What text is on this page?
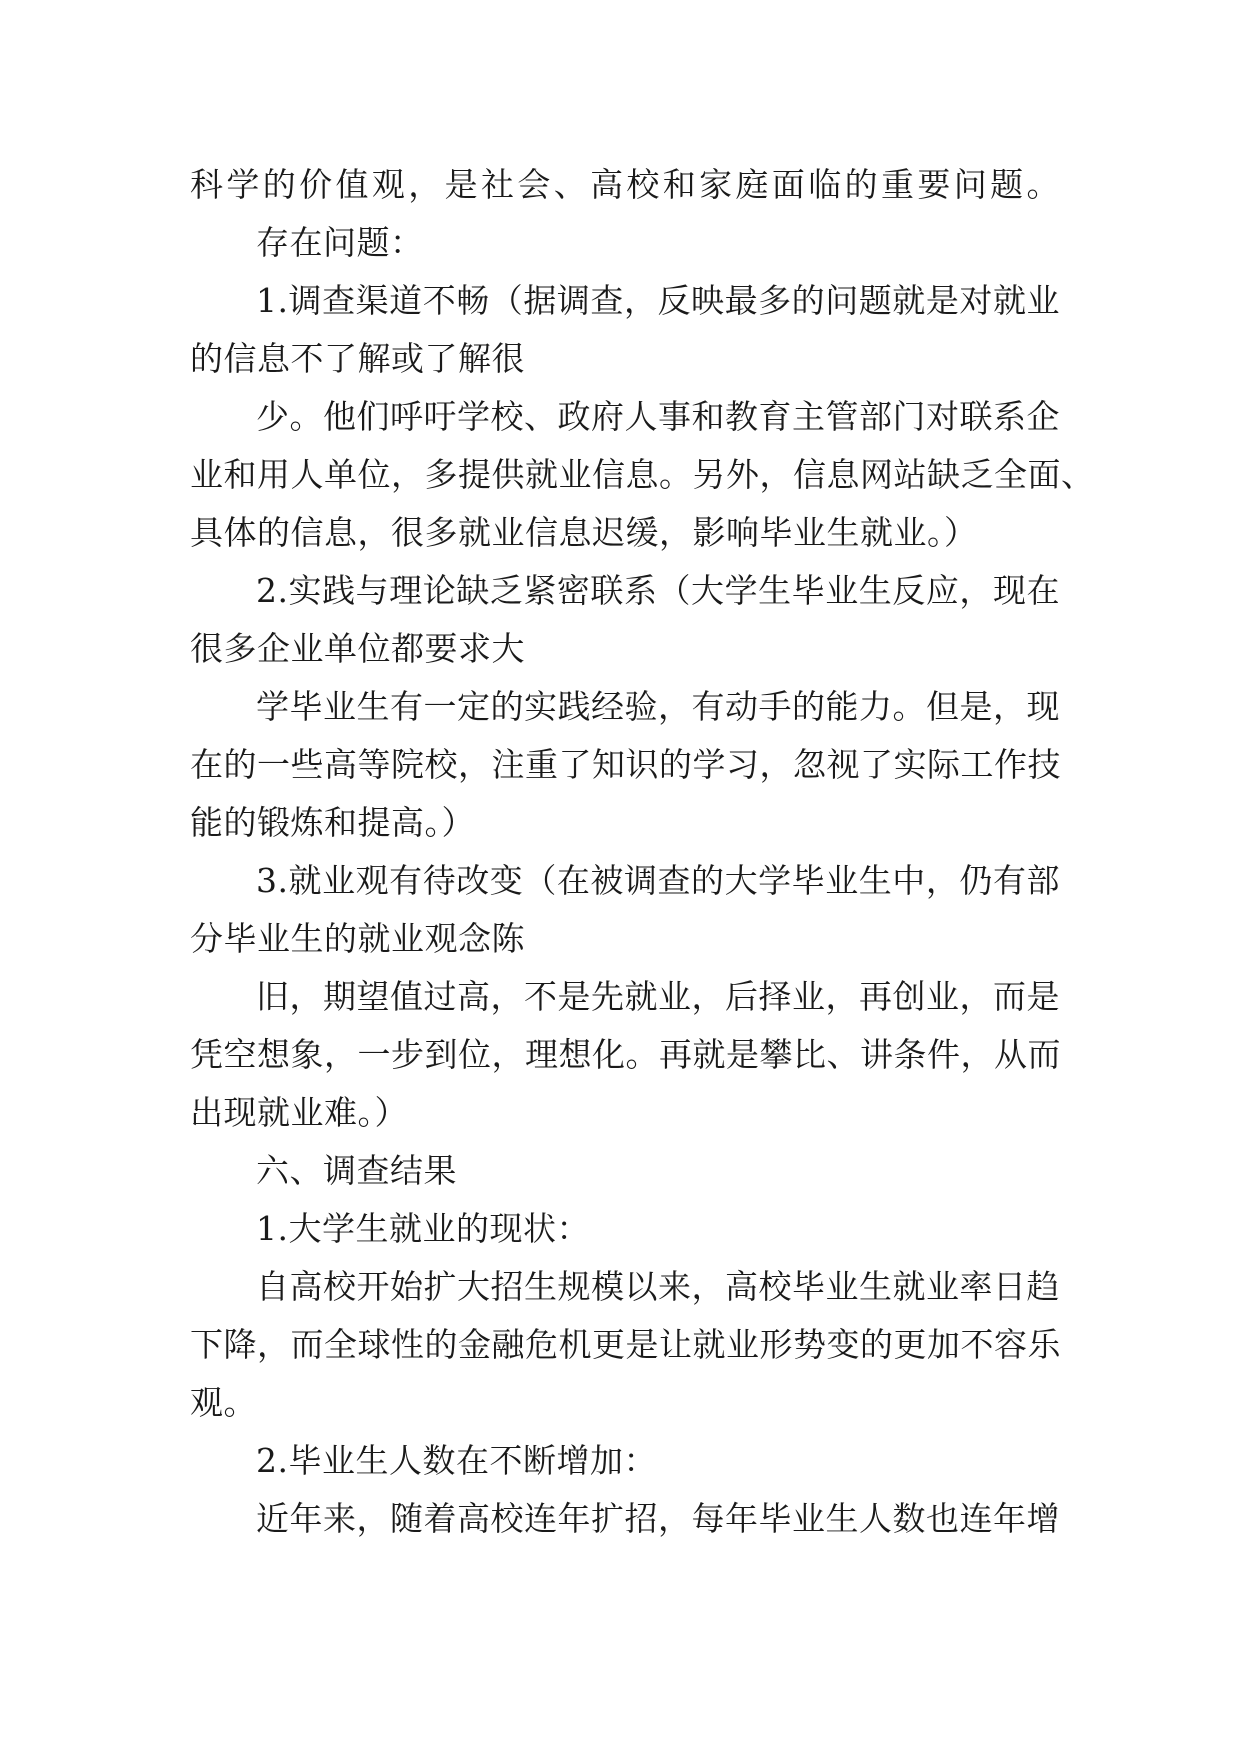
科学的价值观，是社会、高校和家庭面临的重要问题。
存在问题：
1.调查渠道不畅（据调查，反映最多的问题就是对就业
的信息不了解或了解很
少。他们呼吁学校、政府人事和教育主管部门对联系企
业和用人单位，多提供就业信息。另外，信息网站缺乏全面、
具体的信息，很多就业信息迟缓，影响毕业生就业。）
2.实践与理论缺乏紧密联系（大学生毕业生反应，现在
很多企业单位都要求大
学毕业生有一定的实践经验，有动手的能力。但是，现
在的一些高等院校，注重了知识的学习，忽视了实际工作技
能的锻炼和提高。）
3.就业观有待改变（在被调查的大学毕业生中，仍有部
分毕业生的就业观念陈
旧，期望值过高，不是先就业，后择业，再创业，而是
凭空想象，一步到位，理想化。再就是攀比、讲条件，从而
出现就业难。）
六、调查结果
1.大学生就业的现状：
自高校开始扩大招生规模以来，高校毕业生就业率日趋
下降，而全球性的金融危机更是让就业形势变的更加不容乐
观。
2.毕业生人数在不断增加：
近年来，随着高校连年扩招，每年毕业生人数也连年增
